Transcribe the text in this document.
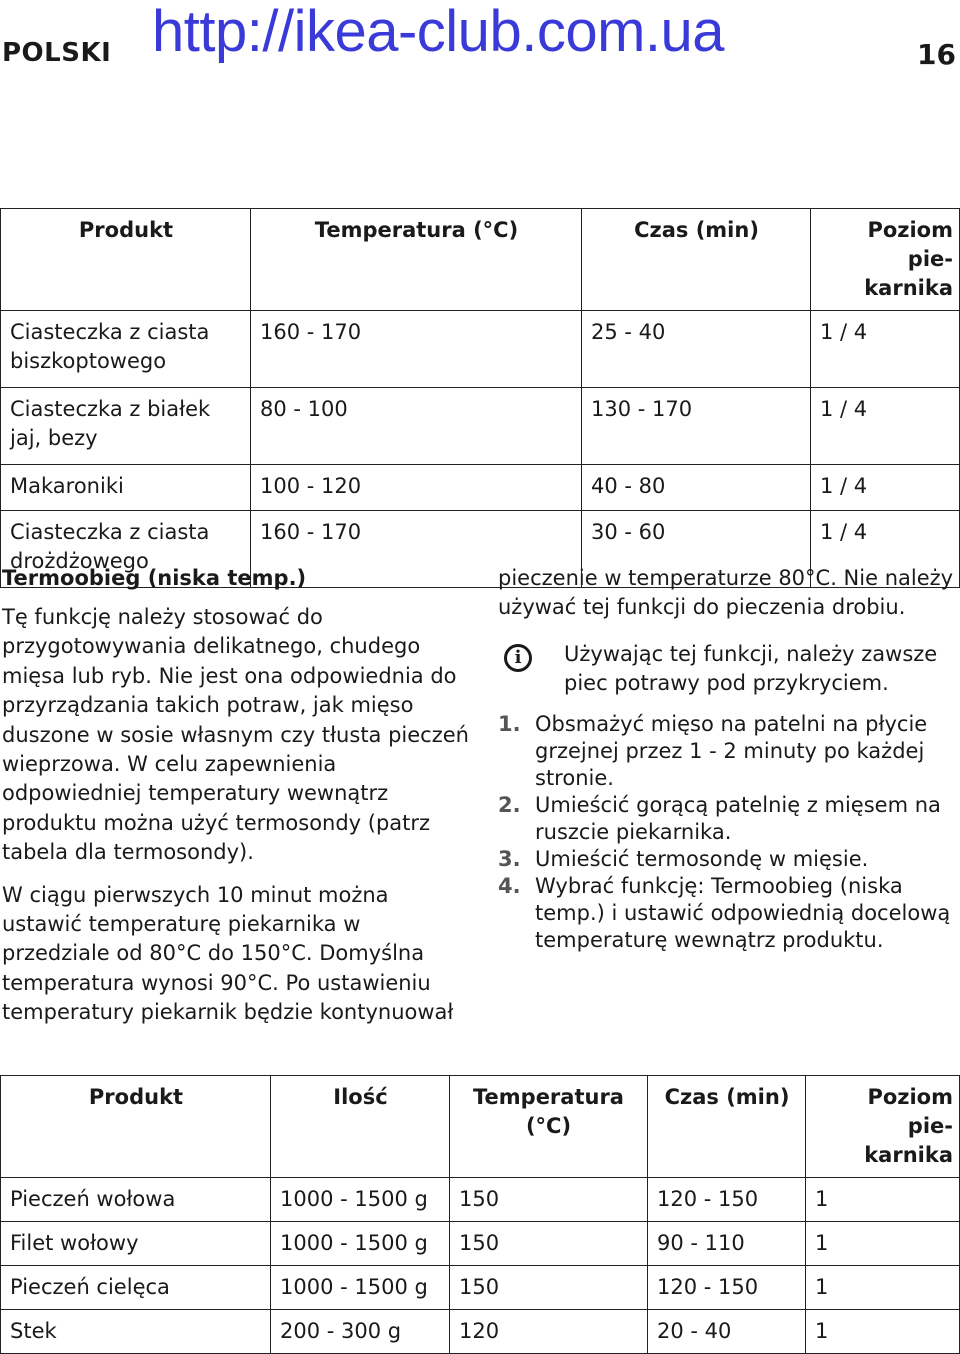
POLSKI http://ikea-club.com.ua	16
Produkt	Temperatura (°C)	Czas (min)	Poziom pie-
karnika
Ciasteczka z ciasta biszkoptowego	160 - 170	25 - 40	1 / 4
Ciasteczka z białek jaj, bezy	80 - 100	130 - 170	1 / 4
Makaroniki	100 - 120	40 - 80	1 / 4
Ciasteczka z ciasta drożdżowego	160 - 170	30 - 60	1 / 4
Termoobieg (niska temp.)

Tę funkcję należy stosować do przygotowywania delikatnego, chudego mięsa lub ryb. Nie jest ona odpowiednia do przyrządzania takich potraw, jak mięso duszone w sosie własnym czy tłusta pieczeń wieprzowa. W celu zapewnienia odpowiedniej temperatury wewnątrz produktu można użyć termosondy (patrz tabela dla termosondy).

W ciągu pierwszych 10 minut można ustawić temperaturę piekarnika w przedziale od 80°C do 150°C. Domyślna temperatura wynosi 90°C. Po ustawieniu temperatury piekarnik będzie kontynuował

pieczenie w temperaturze 80°C. Nie należy używać tej funkcji do pieczenia drobiu.

i	Używając tej funkcji, należy zawsze piec potrawy pod przykryciem.
1. Obsmażyć mięso na patelni na płycie grzejnej przez 1 - 2 minuty po każdej stronie.
2. Umieścić gorącą patelnię z mięsem na ruszcie piekarnika.
3. Umieścić termosondę w mięsie.
4. Wybrać funkcję: Termoobieg (niska temp.) i ustawić odpowiednią docelową temperaturę wewnątrz produktu.
Produkt	Ilość	Temperatura (°C)	Czas (min)	Poziom pie-
karnika
Pieczeń wołowa	1000 - 1500 g	150	120 - 150	1
Filet wołowy	1000 - 1500 g	150	90 - 110	1
Pieczeń cielęca	1000 - 1500 g	150	120 - 150	1
Stek	200 - 300 g	120	20 - 40	1
